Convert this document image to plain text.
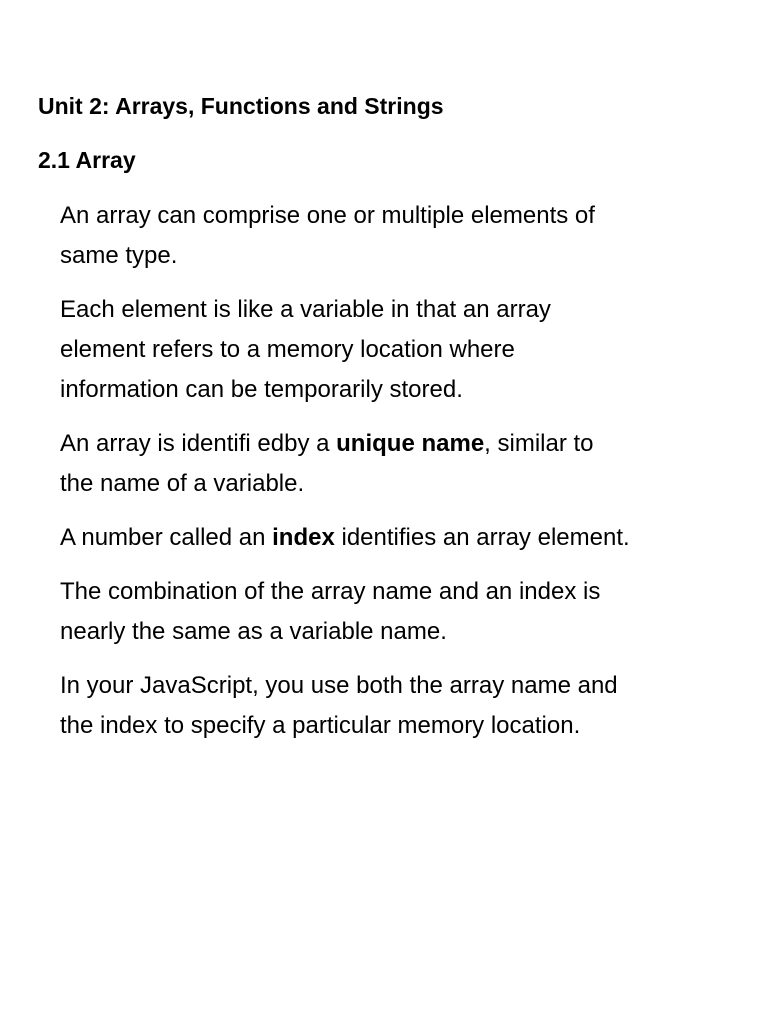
Unit 2: Arrays, Functions and Strings
2.1 Array

An array can comprise one or multiple elements of
same type.

Each element is like a variable in that an array
element refers to a memory location where
information can be temporarily stored.

An array is identifi edby a unique name, similar to
the name of a variable.

A number called an index identifies an array element.

The combination of the array name and an index is
nearly the same as a variable name.

In your JavaScript, you use both the array name and
the index to specify a particular memory location.
